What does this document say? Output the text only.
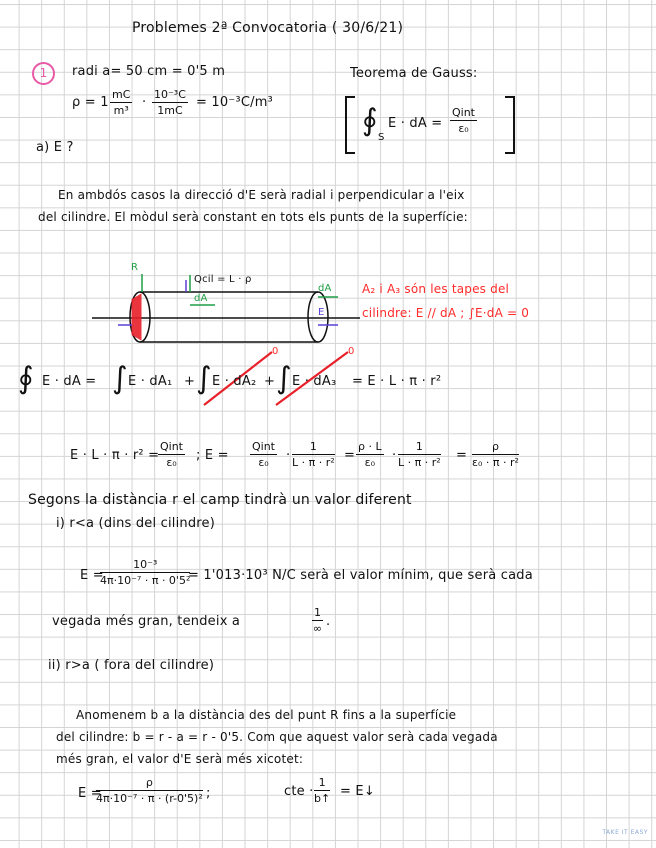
Problemes 2ª Convocatoria ( 30/6/21)
1	radi a= 50 cm = 0'5 m
$\rho = 1 \frac{mC}{\text{m³}} \cdot \frac{\text{10⁻³C}}{1mC} = 10^{-3}C/m^3$
a) E ?
Teorema de Gauss:
∮ S
E · dA =
Qint
ε₀
En ambdós casos la direcció d'E serà radial i perpendicular a l'eix
del cilindre. El mòdul serà constant en tots els punts de la superfície:
R
Qcil = L · ρ
dA
dA
E
A₂ i A₃ són les tapes del
cilindre: E // dA ; ∫E·dA = 0
∮ E · dA = ∫ E · dA₁ + ∫ E · dA₂ + ∫ E · dA₃
0	0
= E · L · π · r²
E · L · π · r² =
Qint
ε₀	; E =
Qint
ε₀	· $\frac{1}{\text{L · π · r²}} = \frac{\rho \cdot L}{\text{ε₀}} \cdot \frac{1}{\text{L · π · r²}} = \frac{\rho}{\text{ε₀ · π · r²}}$
Segons la distància r el camp tindrà un valor diferent
i) r<a (dins del cilindre)
E =
$\frac{\text{10⁻³}}{\text{4π·10⁻⁷ · π · 0'5²}}$
= 1'013·10³ N/C serà el valor mínim, que serà cada
vegada més gran, tendeix a
1
∞ .
ii) r>a ( fora del cilindre)
Anomenem b a la distància des del punt R fins a la superfície
del cilindre: b = r - a = r - 0'5. Com que aquest valor serà cada vegada
més gran, el valor d'E serà més xicotet:
E =
$\frac{\rho}{\text{4π·10⁻⁷ · π · (r-0'5)²}}$ ;	cte · $\frac{1}{b↑}$ = E↓
TAKE IT EASY
